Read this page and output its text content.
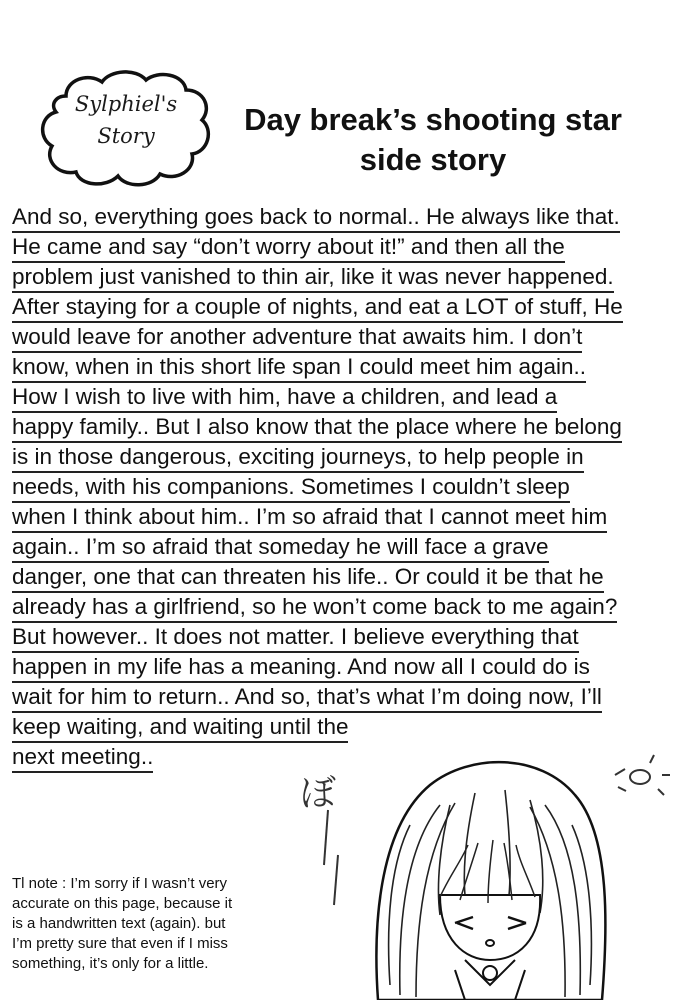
Sylphiel's
Story	Day break’s shooting star
side story
And so, everything goes back to normal.. He always like that.
He came and say “don’t worry about it!” and then all the
problem just vanished to thin air, like it was never happened.
After staying for a couple of nights, and eat a LOT of stuff, He
would leave for another adventure that awaits him. I don’t
know, when in this short life span I could meet him again..
How I wish to live with him, have a children, and lead a
happy family.. But I also know that the place where he belong
is in those dangerous, exciting journeys, to help people in
needs, with his companions. Sometimes I couldn’t sleep
when I think about him.. I’m so afraid that I cannot meet him
again.. I’m so afraid that someday he will face a grave
danger, one that can threaten his life.. Or could it be that he
already has a girlfriend, so he won’t come back to me again?
But however.. It does not matter. I believe everything that
happen in my life has a meaning. And now all I could do is
wait for him to return.. And so, that’s what I’m doing now, I’ll
keep waiting, and waiting until the
next meeting..
Tl note : I’m sorry if I wasn’t very
accurate on this page, because it
is a handwritten text (again). but
I’m pretty sure that even if I miss
something, it’s only for a little.
ぼ
